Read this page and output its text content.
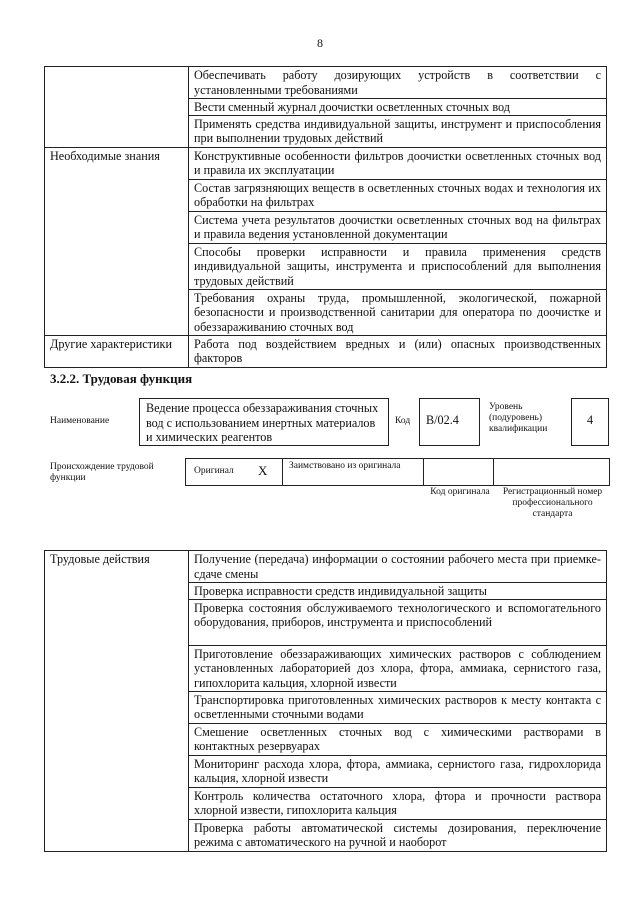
8
	Обеспечивать работу дозирующих устройств в соответствии с установленными требованиями
	Вести сменный журнал доочистки осветленных сточных вод
	Применять средства индивидуальной защиты, инструмент и приспособления при выполнении трудовых действий
Необходимые знания	Конструктивные особенности фильтров доочистки осветленных сточных вод и правила их эксплуатации
	Состав загрязняющих веществ в осветленных сточных водах и технология их обработки на фильтрах
	Система учета результатов доочистки осветленных сточных вод на фильтрах и правила ведения установленной документации
	Способы проверки исправности и правила применения средств индивидуальной защиты, инструмента и приспособлений для выполнения трудовых действий
	Требования охраны труда, промышленной, экологической, пожарной безопасности и производственной санитарии для оператора по доочистке и обеззараживанию сточных вод
Другие характеристики	Работа под воздействием вредных и (или) опасных производственных факторов
3.2.2. Трудовая функция
Наименование
Ведение процесса обеззараживания сточных вод с использованием инертных материалов и химических реагентов
Код	B/02.4
Уровень (подуровень) квалификации
4
Происхождение трудовой функции
Оригинал X Заимствовано из оригинала
Код оригинала	Регистрационный номер профессионального стандарта
Трудовые действия	Получение (передача) информации о состоянии рабочего места при приемке-сдаче смены
Проверка исправности средств индивидуальной защиты
Проверка состояния обслуживаемого технологического и вспомогательного оборудования, приборов, инструмента и приспособлений
Приготовление обеззараживающих химических растворов с соблюдением установленных лабораторией доз хлора, фтора, аммиака, сернистого газа, гипохлорита кальция, хлорной извести
Транспортировка приготовленных химических растворов к месту контакта с осветленными сточными водами
Смешение осветленных сточных вод с химическими растворами в контактных резервуарах
Мониторинг расхода хлора, фтора, аммиака, сернистого газа, гидрохлорида кальция, хлорной извести
Контроль количества остаточного хлора, фтора и прочности раствора хлорной извести, гипохлорита кальция
Проверка работы автоматической системы дозирования, переключение режима с автоматического на ручной и наоборот
